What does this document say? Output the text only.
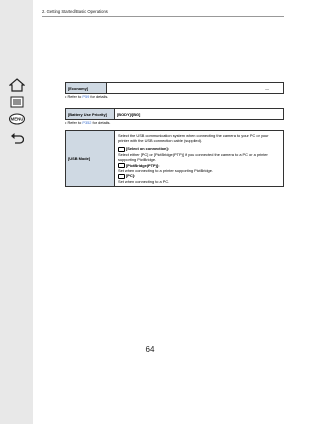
MENU
2. Getting Started/Basic Operations
[Economy]	—
• Refer to P59 for details.
[Battery Use Priority]	[BODY]/[BG]
• Refer to P352 for details.
[USB Mode]	
Select the USB communication system when connecting the camera to your PC or your printer with the USB connection cable (supplied).
[Select on connection]:
Select either [PC] or [PictBridge(PTP)] if you connected the camera to a PC or a printer supporting PictBridge.
[PictBridge(PTP)]:
Set when connecting to a printer supporting PictBridge.
[PC]:
Set when connecting to a PC.
64
